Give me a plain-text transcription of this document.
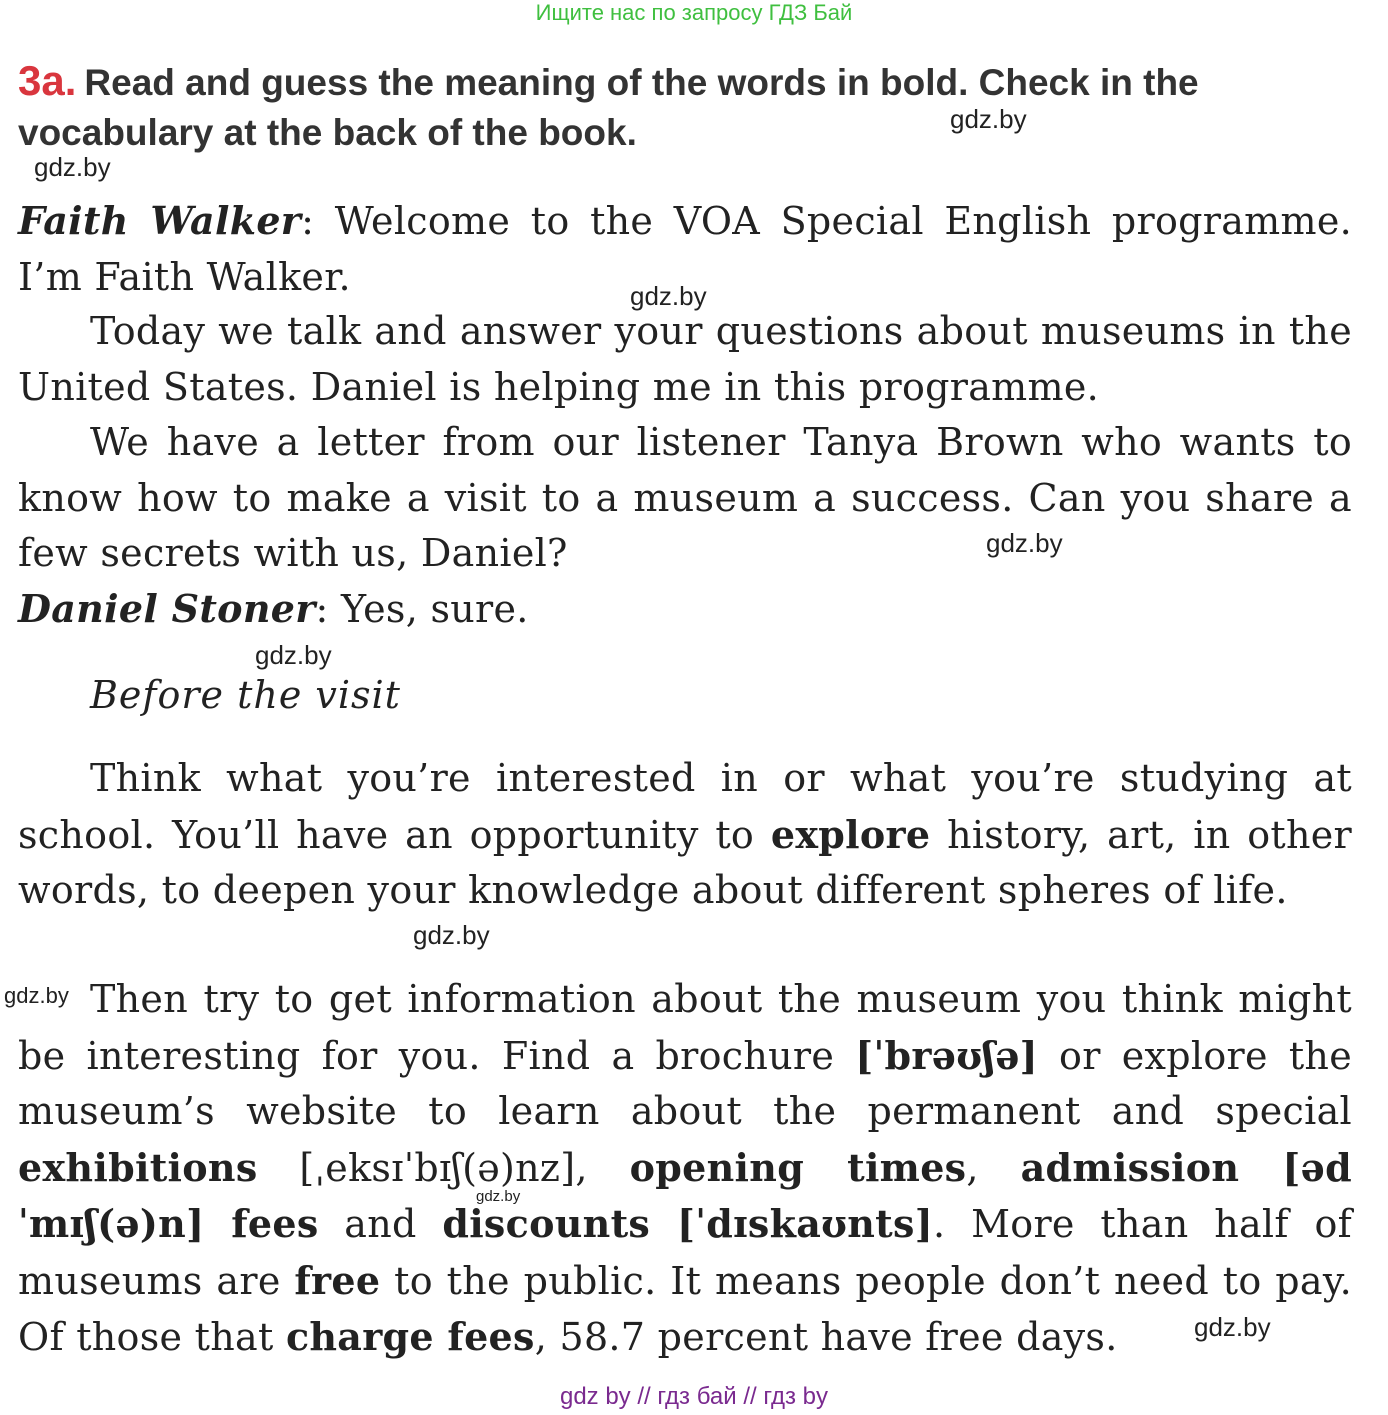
Ищите нас по запросу ГДЗ Бай
3a. Read and guess the meaning of the words in bold. Check in the vocabulary at the back of the book.
Faith Walker: Welcome to the VOA Special English programme. I’m Faith Walker.
Today we talk and answer your questions about museums in the United States. Daniel is helping me in this programme.
We have a letter from our listener Tanya Brown who wants to know how to make a visit to a museum a success. Can you share a few secrets with us, Daniel?
Daniel Stoner: Yes, sure.
Before the visit
Think what you’re interested in or what you’re studying at school. You’ll have an opportunity to explore history, art, in other words, to deepen your knowledge about different spheres of life.
Then try to get information about the museum you think might be interesting for you. Find a brochure [ˈbrəʊʃə] or explore the museum’s website to learn about the permanent and special exhibitions [ˌeksɪˈbɪʃ(ə)nz], opening times, admission [ədˈmɪʃ(ə)n] fees and discounts [ˈdɪskaʊnts]. More than half of museums are free to the public. It means people don’t need to pay. Of those that charge fees, 58.7 percent have free days.
gdz.by
gdz.by
gdz.by
gdz.by
gdz.by
gdz.by
gdz.by
gdz.by
gdz.by
gdz by // гдз бай // гдз by
